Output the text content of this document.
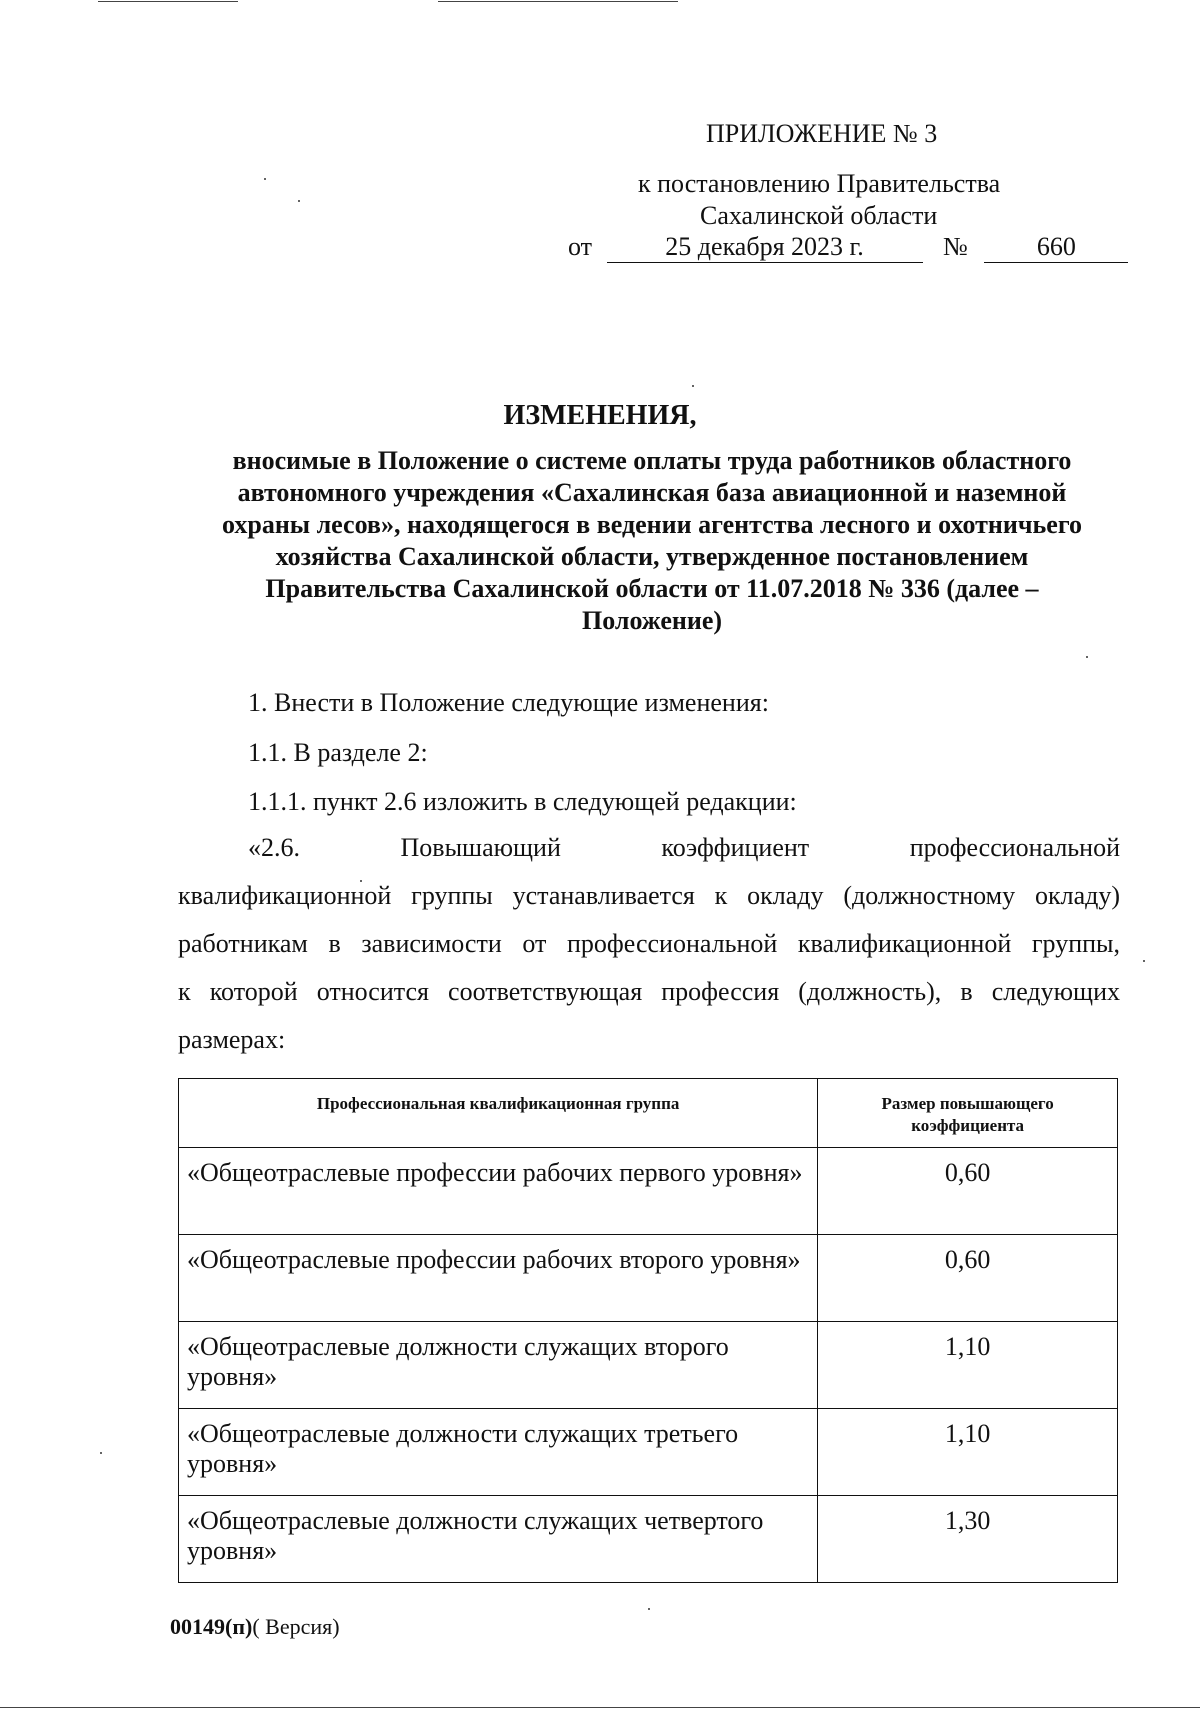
ПРИЛОЖЕНИЕ № 3
к постановлению Правительства
Сахалинской области
от	25 декабря 2023 г.	№	660
ИЗМЕНЕНИЯ,
вносимые в Положение о системе оплаты труда работников областного
автономного учреждения «Сахалинская база авиационной и наземной
охраны лесов», находящегося в ведении агентства лесного и охотничьего
хозяйства Сахалинской области, утвержденное постановлением
Правительства Сахалинской области от 11.07.2018 № 336 (далее –
Положение)
1. Внести в Положение следующие изменения:
1.1. В разделе 2:
1.1.1. пункт 2.6 изложить в следующей редакции:
«2.6.	Повышающий	коэффициент	профессиональной
квалификационной группы устанавливается к окладу (должностному окладу)
работникам в зависимости от профессиональной квалификационной группы,
к которой относится соответствующая профессия (должность), в следующих
размерах:
Профессиональная квалификационная группа	Размер повышающего коэффициента
«Общеотраслевые профессии рабочих первого уровня»	0,60
«Общеотраслевые профессии рабочих второго уровня»	0,60
«Общеотраслевые должности служащих второго уровня»	1,10
«Общеотраслевые должности служащих третьего уровня»	1,10
«Общеотраслевые должности служащих четвертого уровня»	1,30
00149(п)( Версия)
